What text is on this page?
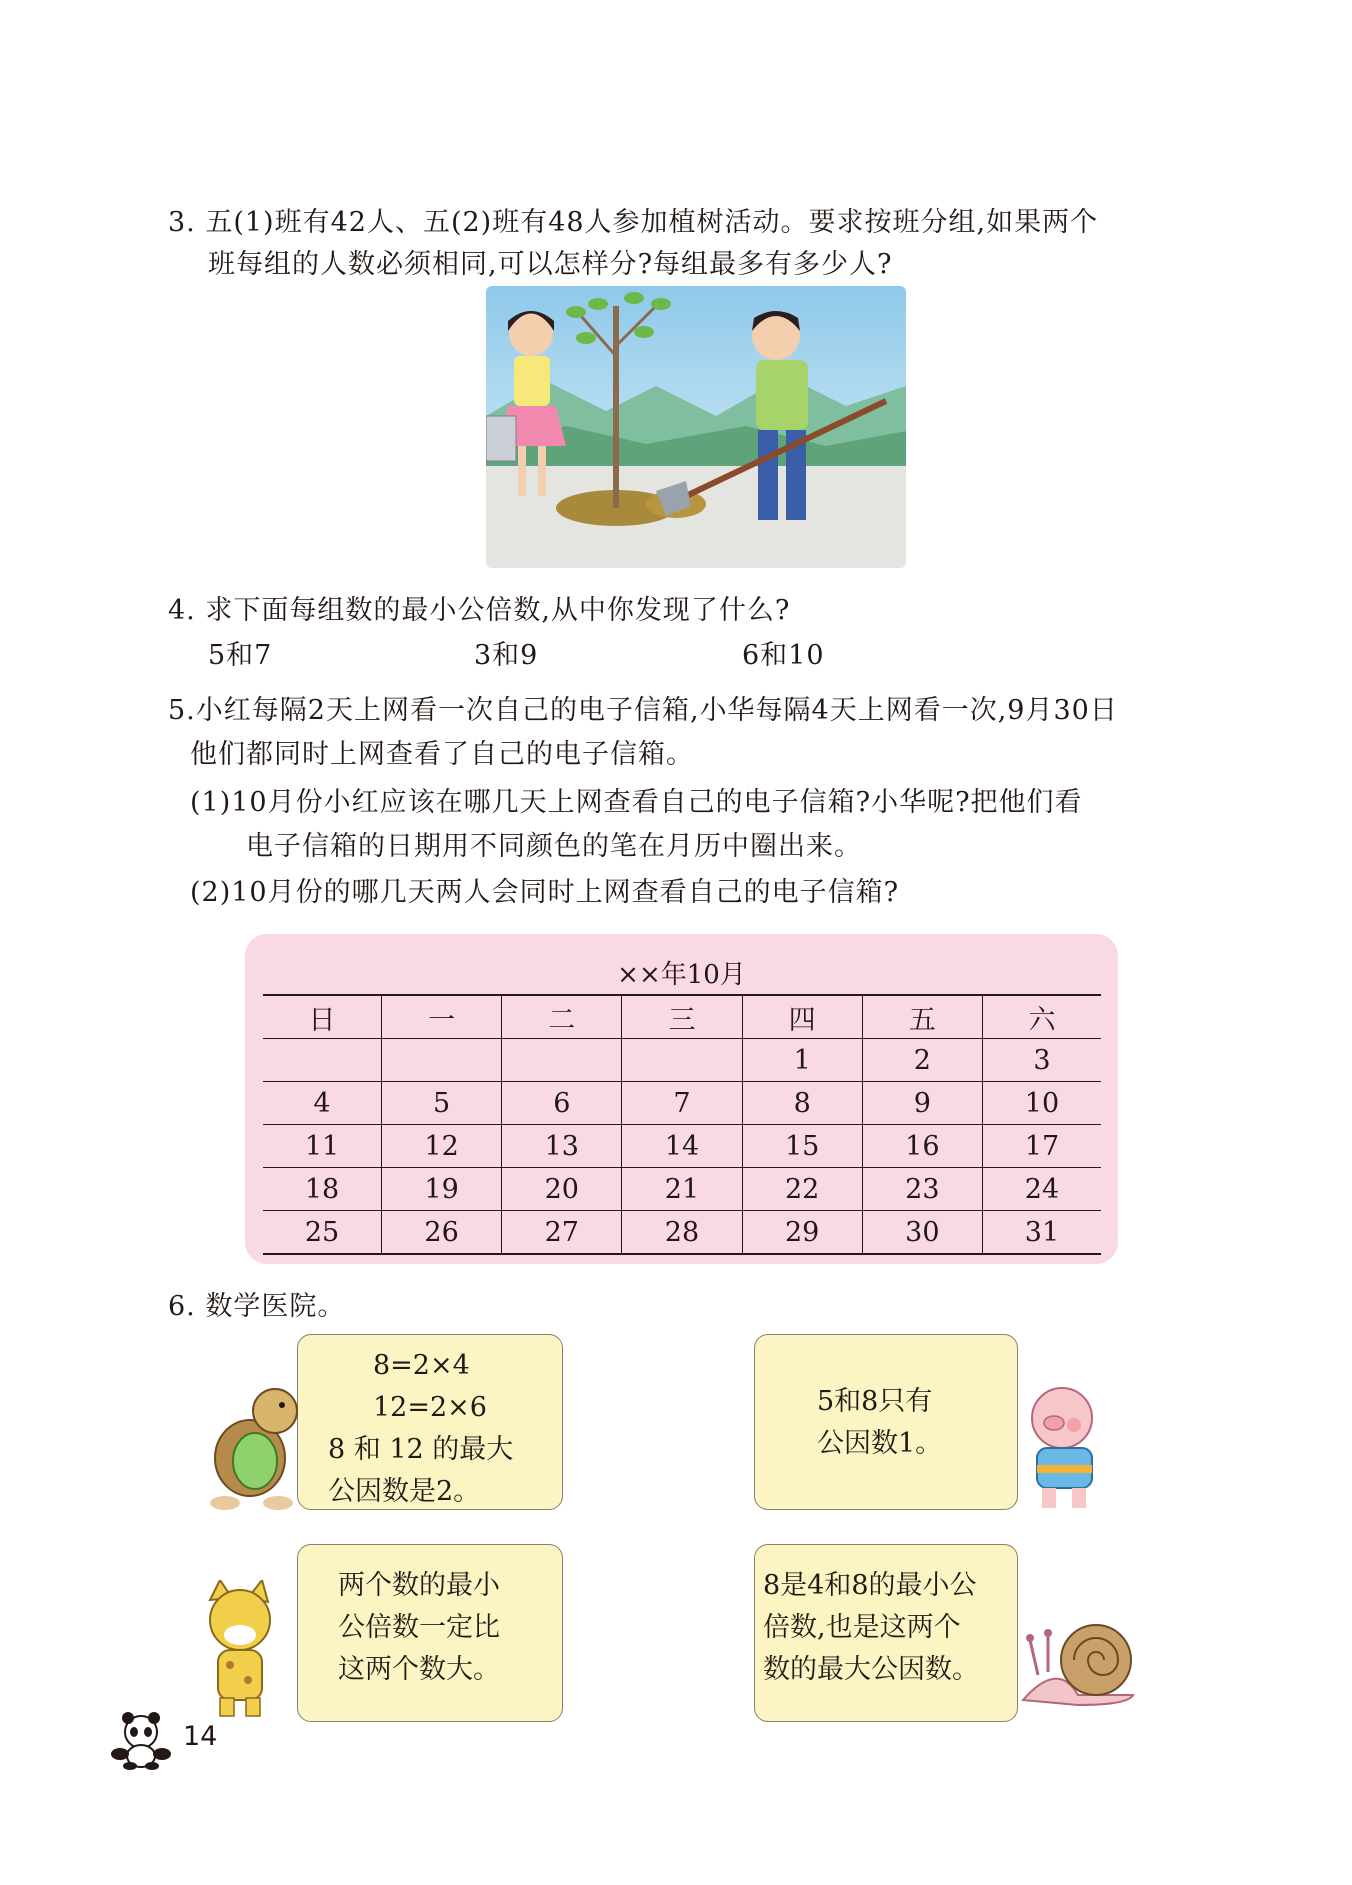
3. 五(1)班有42人、五(2)班有48人参加植树活动。要求按班分组,如果两个
班每组的人数必须相同,可以怎样分?每组最多有多少人?
4. 求下面每组数的最小公倍数,从中你发现了什么?
5和7	3和9	6和10
5.小红每隔2天上网看一次自己的电子信箱,小华每隔4天上网看一次,9月30日
他们都同时上网查看了自己的电子信箱。
(1)10月份小红应该在哪几天上网查看自己的电子信箱?小华呢?把他们看
电子信箱的日期用不同颜色的笔在月历中圈出来。
(2)10月份的哪几天两人会同时上网查看自己的电子信箱?
××年10月
日	一	二	三	四	五	六
				1	2	3
4	5	6	7	8	9	10
11	12	13	14	15	16	17
18	19	20	21	22	23	24
25	26	27	28	29	30	31
6. 数学医院。
8=2×4
12=2×6
8 和 12 的最大
公因数是2。
5和8只有
公因数1。
两个数的最小
公倍数一定比
这两个数大。
8是4和8的最小公
倍数,也是这两个
数的最大公因数。
14
